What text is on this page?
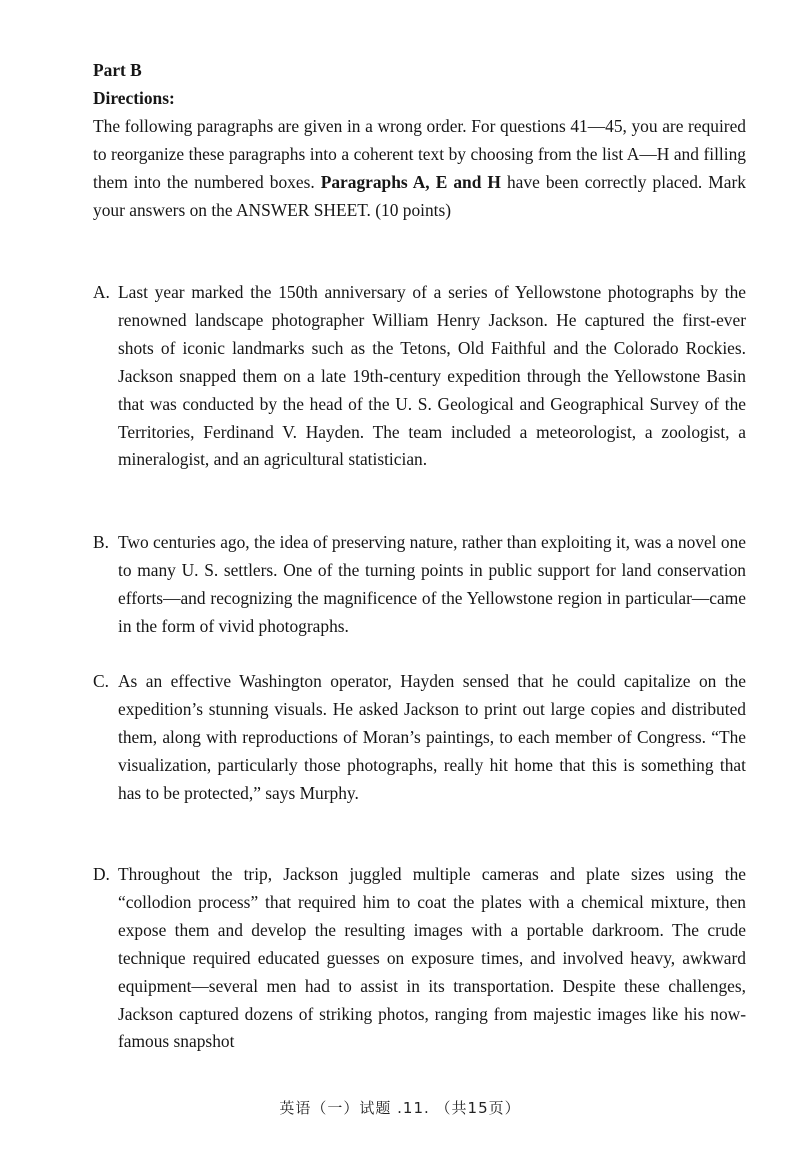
Part B
Directions:
The following paragraphs are given in a wrong order. For questions 41—45, you are required to reorganize these paragraphs into a coherent text by choosing from the list A—H and filling them into the numbered boxes. Paragraphs A, E and H have been correctly placed. Mark your answers on the ANSWER SHEET. (10 points)
A. Last year marked the 150th anniversary of a series of Yellowstone photographs by the renowned landscape photographer William Henry Jackson. He captured the first-ever shots of iconic landmarks such as the Tetons, Old Faithful and the Colorado Rockies. Jackson snapped them on a late 19th-century expedition through the Yellowstone Basin that was conducted by the head of the U. S. Geological and Geographical Survey of the Territories, Ferdinand V. Hayden. The team included a meteorologist, a zoologist, a mineralogist, and an agricultural statistician.
B. Two centuries ago, the idea of preserving nature, rather than exploiting it, was a novel one to many U. S. settlers. One of the turning points in public support for land conservation efforts—and recognizing the magnificence of the Yellowstone region in particular—came in the form of vivid photographs.
C. As an effective Washington operator, Hayden sensed that he could capitalize on the expedition’s stunning visuals. He asked Jackson to print out large copies and distributed them, along with reproductions of Moran’s paintings, to each member of Congress. “The visualization, particularly those photographs, really hit home that this is something that has to be protected,” says Murphy.
D. Throughout the trip, Jackson juggled multiple cameras and plate sizes using the “collodion process” that required him to coat the plates with a chemical mixture, then expose them and develop the resulting images with a portable darkroom. The crude technique required educated guesses on exposure times, and involved heavy, awkward equipment—several men had to assist in its transportation. Despite these challenges, Jackson captured dozens of striking photos, ranging from majestic images like his now-famous snapshot
英语（一）试题 .11. （共15页）
